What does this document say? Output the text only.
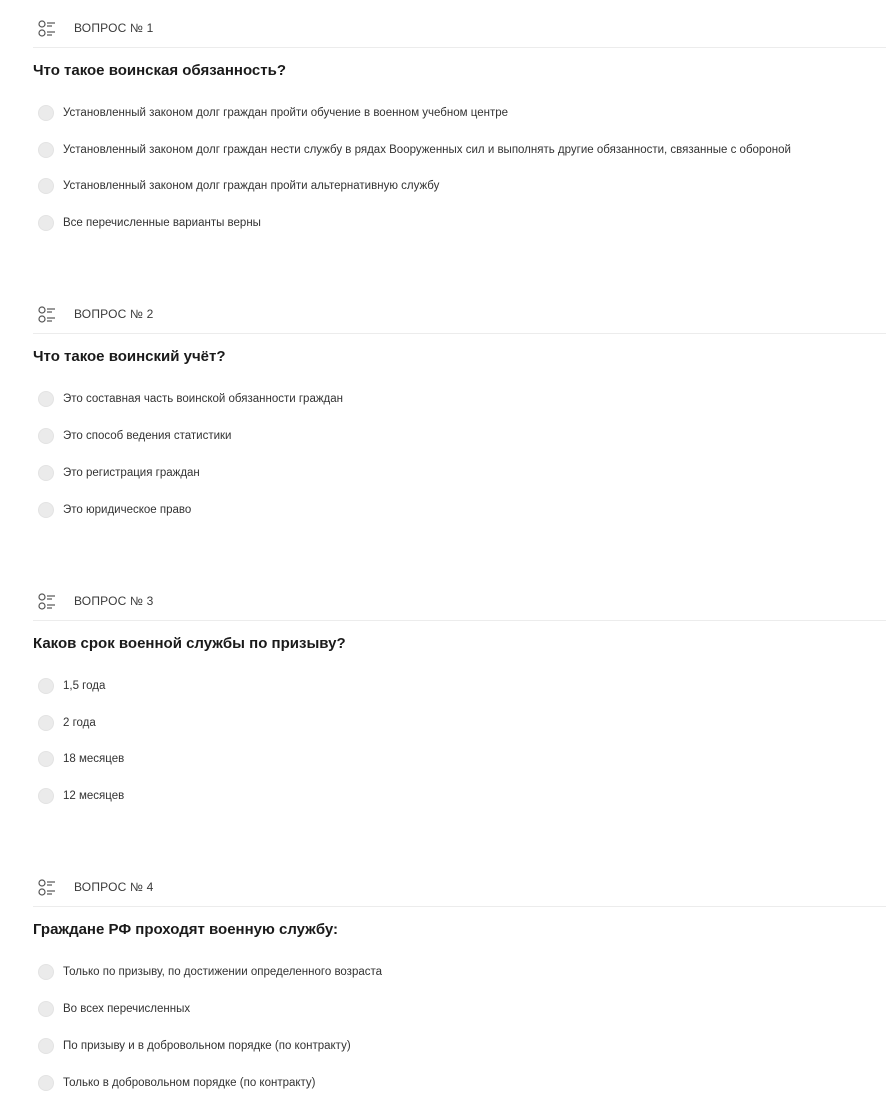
ВОПРОС № 1
Что такое воинская обязанность?
Установленный законом долг граждан пройти обучение в военном учебном центре
Установленный законом долг граждан нести службу в рядах Вооруженных сил и выполнять другие обязанности, связанные с обороной
Установленный законом долг граждан пройти альтернативную службу
Все перечисленные варианты верны
ВОПРОС № 2
Что такое воинский учёт?
Это составная часть воинской обязанности граждан
Это способ ведения статистики
Это регистрация граждан
Это юридическое право
ВОПРОС № 3
Каков срок военной службы по призыву?
1,5 года
2 года
18 месяцев
12 месяцев
ВОПРОС № 4
Граждане РФ проходят военную службу:
Только по призыву, по достижении определенного возраста
Во всех перечисленных
По призыву и в добровольном порядке (по контракту)
Только в добровольном порядке (по контракту)
